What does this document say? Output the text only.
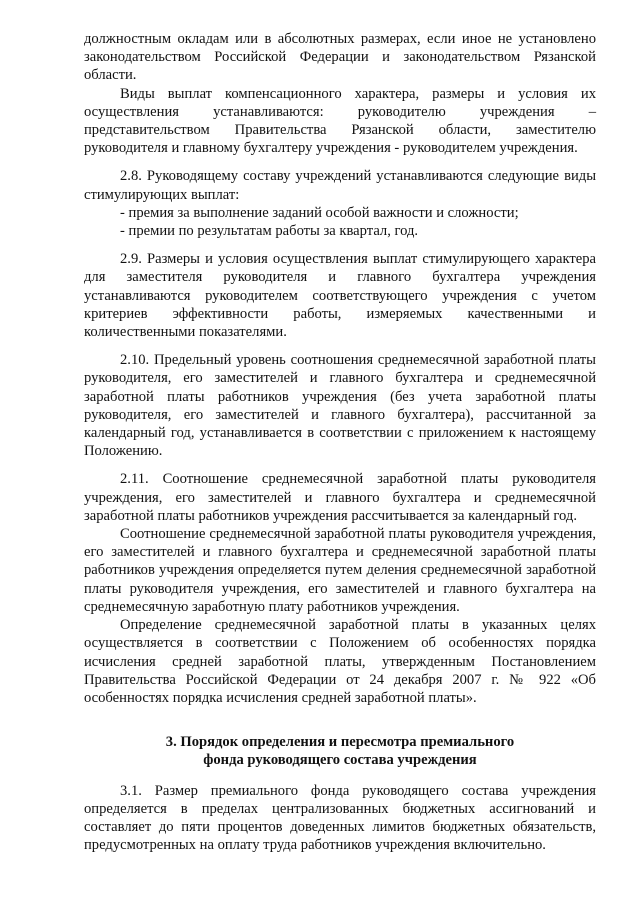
должностным окладам или в абсолютных размерах, если иное не установлено законодательством Российской Федерации и законодательством Рязанской области.

Виды выплат компенсационного характера, размеры и условия их осуществления устанавливаются: руководителю учреждения – представительством Правительства Рязанской области, заместителю руководителя и главному бухгалтеру учреждения - руководителем учреждения.

2.8. Руководящему составу учреждений устанавливаются следующие виды стимулирующих выплат:

- премия за выполнение заданий особой важности и сложности;

- премии по результатам работы за квартал, год.

2.9. Размеры и условия осуществления выплат стимулирующего характера для заместителя руководителя и главного бухгалтера учреждения устанавливаются руководителем соответствующего учреждения с учетом критериев эффективности работы, измеряемых качественными и количественными показателями.

2.10. Предельный уровень соотношения среднемесячной заработной платы руководителя, его заместителей и главного бухгалтера и среднемесячной заработной платы работников учреждения (без учета заработной платы руководителя, его заместителей и главного бухгалтера), рассчитанной за календарный год, устанавливается в соответствии с приложением к настоящему Положению.

2.11. Соотношение среднемесячной заработной платы руководителя учреждения, его заместителей и главного бухгалтера и среднемесячной заработной платы работников учреждения рассчитывается за календарный год.

Соотношение среднемесячной заработной платы руководителя учреждения, его заместителей и главного бухгалтера и среднемесячной заработной платы работников учреждения определяется путем деления среднемесячной заработной платы руководителя учреждения, его заместителей и главного бухгалтера на среднемесячную заработную плату работников учреждения.

Определение среднемесячной заработной платы в указанных целях осуществляется в соответствии с Положением об особенностях порядка исчисления средней заработной платы, утвержденным Постановлением Правительства Российской Федерации от 24 декабря 2007 г. № 922 «Об особенностях порядка исчисления средней заработной платы».

3. Порядок определения и пересмотра премиального
фонда руководящего состава учреждения

3.1. Размер премиального фонда руководящего состава учреждения определяется в пределах централизованных бюджетных ассигнований и составляет до пяти процентов доведенных лимитов бюджетных обязательств, предусмотренных на оплату труда работников учреждения включительно.
